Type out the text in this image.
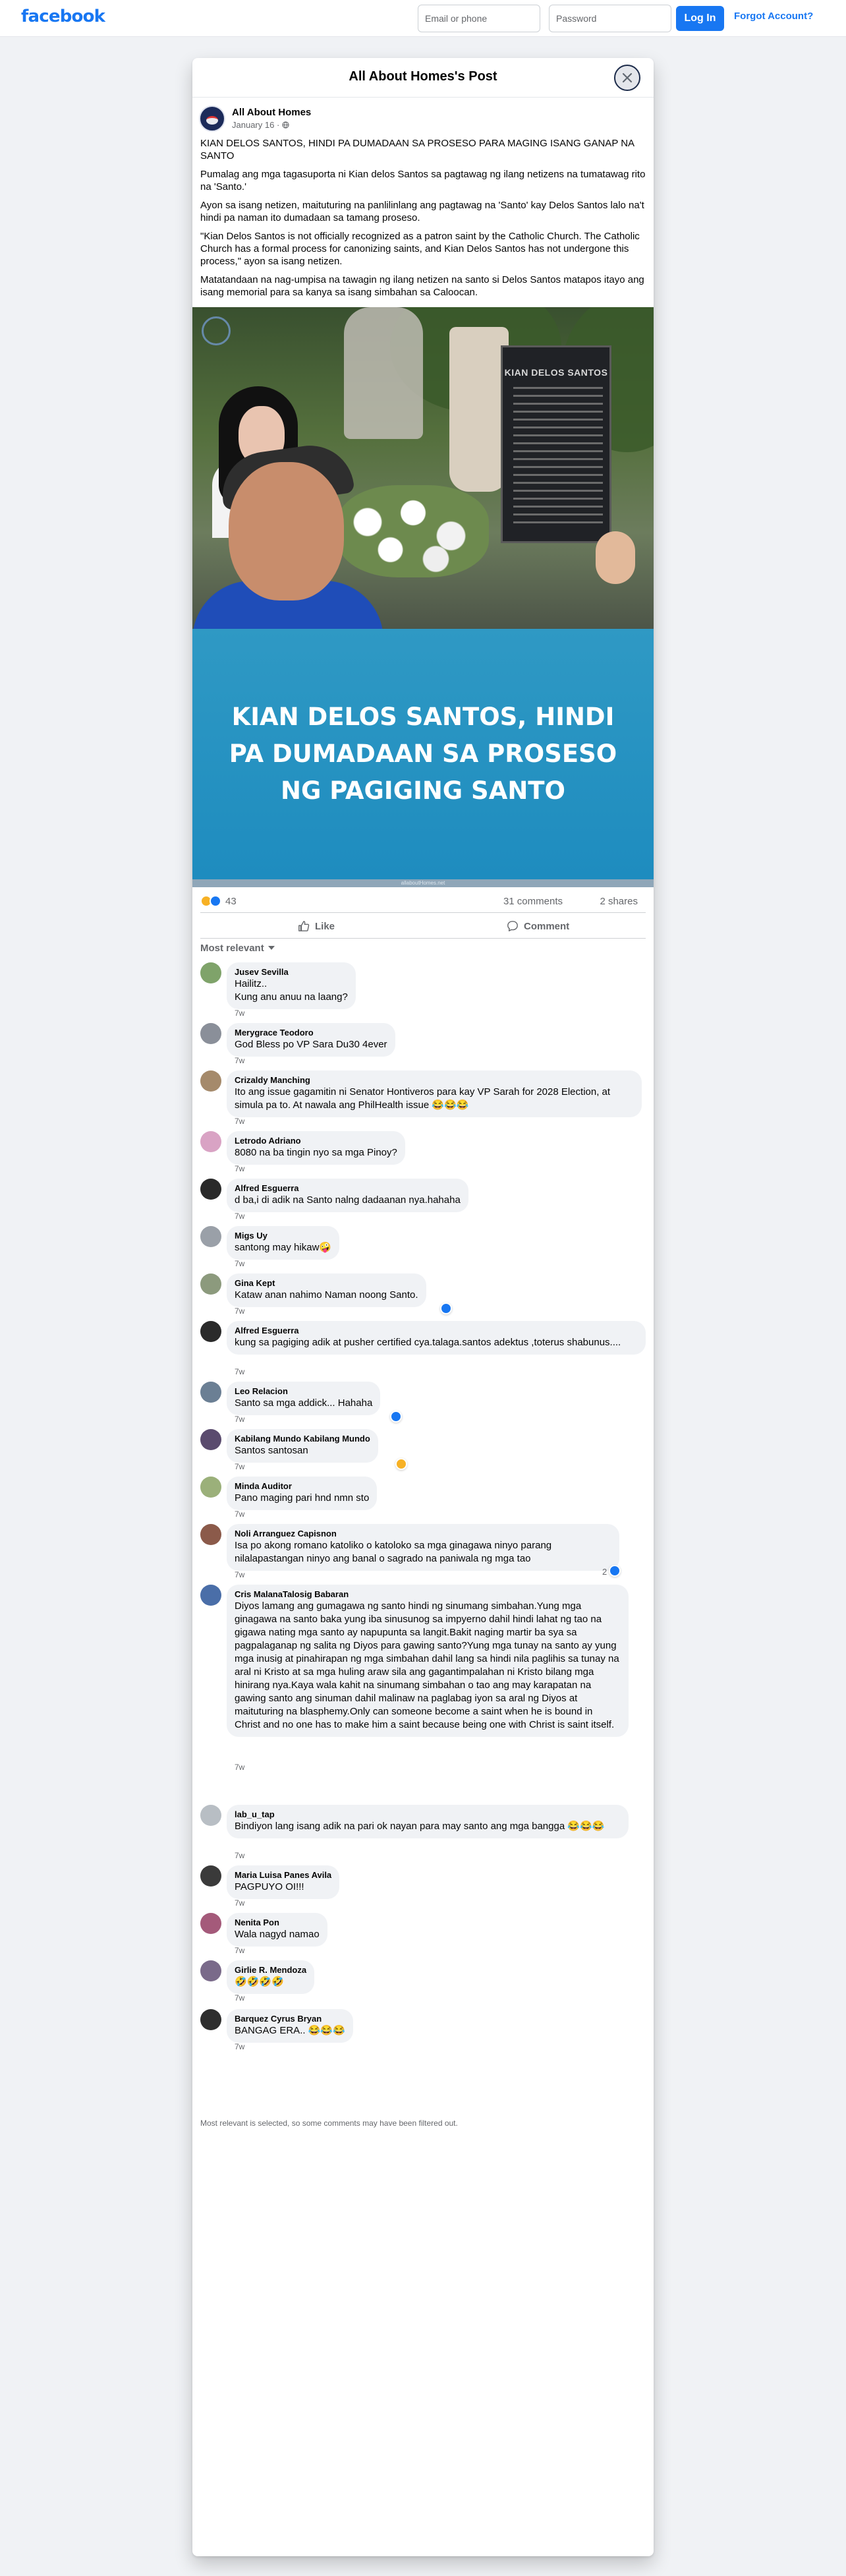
facebook
Email or phone	Log In	Forgot Account?
All About Homes's Post
All About Homes
January 16 ·

KIAN DELOS SANTOS, HINDI PA DUMADAAN SA PROSESO PARA MAGING ISANG GANAP NA SANTO

Pumalag ang mga tagasuporta ni Kian delos Santos sa pagtawag ng ilang netizens na tumatawag rito na 'Santo.'

Ayon sa isang netizen, maituturing na panlilinlang ang pagtawag na 'Santo' kay Delos Santos lalo na't hindi pa naman ito dumadaan sa tamang proseso.

"Kian Delos Santos is not officially recognized as a patron saint by the Catholic Church. The Catholic Church has a formal process for canonizing saints, and Kian Delos Santos has not undergone this process," ayon sa isang netizen.

Matatandaan na nag-umpisa na tawagin ng ilang netizen na santo si Delos Santos matapos itayo ang isang memorial para sa kanya sa isang simbahan sa Caloocan.

KIAN DELOS SANTOS
KIAN DELOS SANTOS, HINDI PA DUMADAAN SA PROSESO NG PAGIGING SANTO
allaboutHomes.net
43	31 comments	2 shares
Like	Comment
Most relevant
Jusev Sevilla
Hailitz..
Kung anu anuu na laang?
7w
Merygrace Teodoro
God Bless po VP Sara Du30 4ever
7w
Crizaldy Manching
Ito ang issue gagamitin ni Senator Hontiveros para kay VP Sarah for 2028 Election, at simula pa to. At nawala ang PhilHealth issue 😂😂😂
7w
Letrodo Adriano
8080 na ba tingin nyo sa mga Pinoy?
7w
Alfred Esguerra
d ba,i di adik na Santo nalng dadaanan nya.hahaha
7w
Migs Uy
santong may hikaw🤪
7w
Gina Kept
Kataw anan nahimo Naman noong Santo.
7w
Alfred Esguerra
kung sa pagiging adik at pusher certified cya.talaga.santos adektus ,toterus shabunus....
7w
Leo Relacion
Santo sa mga addick... Hahaha
7w
Kabilang Mundo Kabilang Mundo
Santos santosan
7w
Minda Auditor
Pano maging pari hnd nmn sto
7w
Noli Arranguez Capisnon
Isa po akong romano katoliko o katoloko sa mga ginagawa ninyo parang nilalapastangan ninyo ang banal o sagrado na paniwala ng mga tao
2
7w
Cris MalanaTalosig Babaran
Diyos lamang ang gumagawa ng santo hindi ng sinumang simbahan.Yung mga ginagawa na santo baka yung iba sinusunog sa impyerno dahil hindi lahat ng tao na gigawa nating mga santo ay napupunta sa langit.Bakit naging martir ba sya sa pagpalaganap ng salita ng Diyos para gawing santo?Yung mga tunay na santo ay yung mga inusig at pinahirapan ng mga simbahan dahil lang sa hindi nila paglihis sa tunay na aral ni Kristo at sa mga huling araw sila ang gagantimpalahan ni Kristo bilang mga hinirang nya.Kaya wala kahit na sinumang simbahan o tao ang may karapatan na gawing santo ang sinuman dahil malinaw na paglabag iyon sa aral ng Diyos at maituturing na blasphemy.Only can someone become a saint when he is bound in Christ and no one has to make him a saint because being one with Christ is saint itself.
7w
lab_u_tap
Bindiyon lang isang adik na pari ok nayan para may santo ang mga bangga 😂😂😂
7w
Maria Luisa Panes Avila
PAGPUYO OI!!!
7w
Nenita Pon
Wala nagyd namao
7w
Girlie R. Mendoza
🤣🤣🤣🤣
7w
Barquez Cyrus Bryan
BANGAG ERA.. 😂😂😂
7w
Most relevant is selected, so some comments may have been filtered out.
